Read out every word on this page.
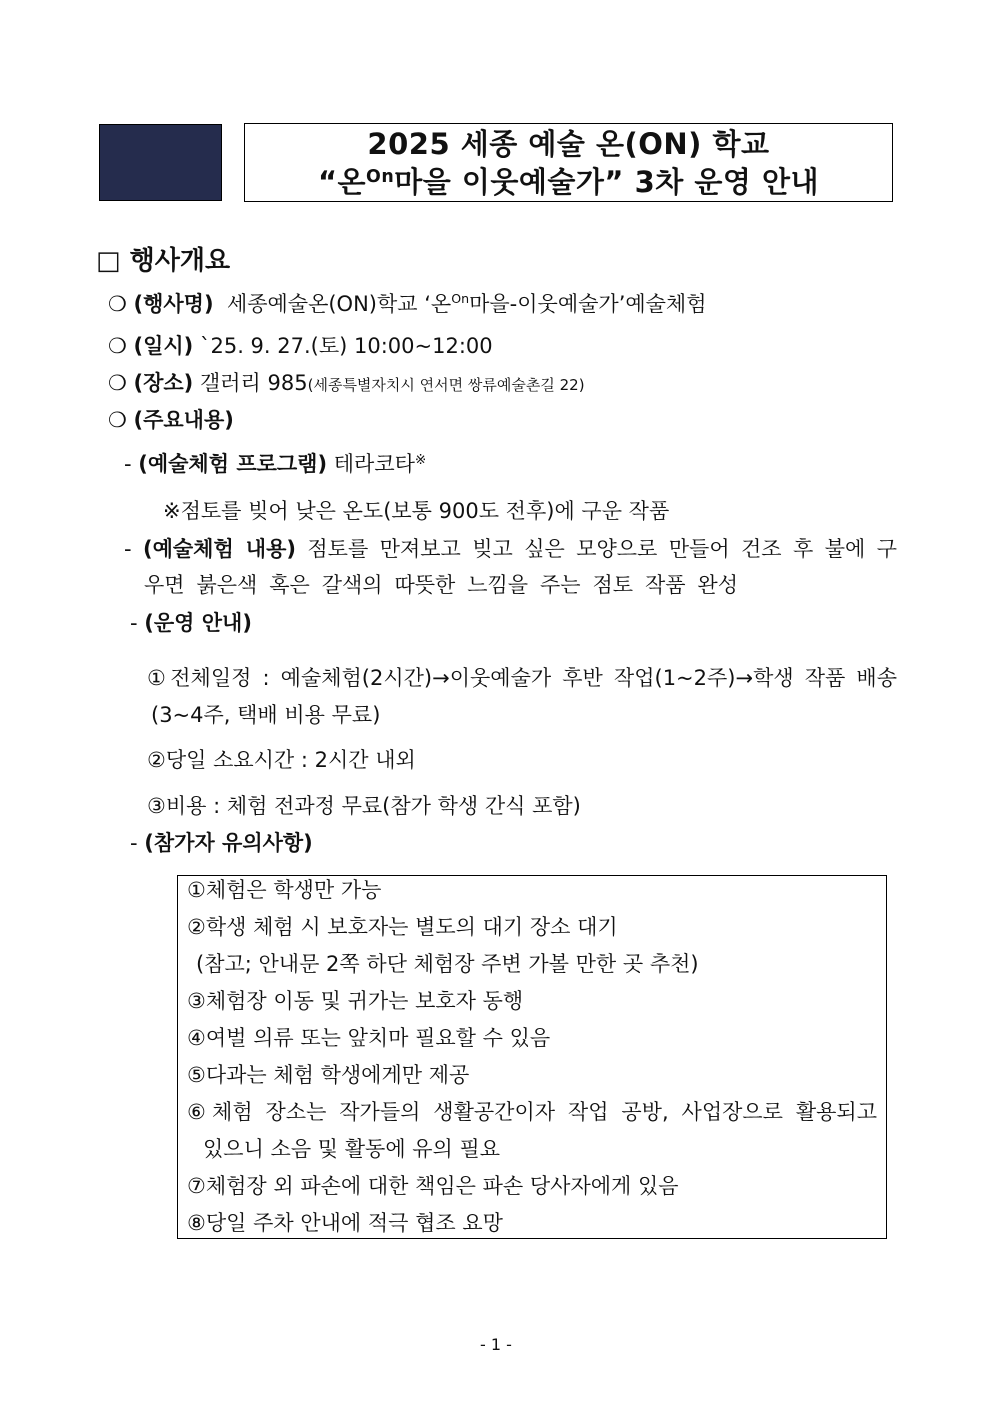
2025 세종 예술 온(ON) 학교
“온$^{On}$마을 이웃예술가” 3차 운영 안내
□ 행사개요
❍ (행사명) 세종예술온(ON)학교 ‘온$^{On}$마을-이웃예술가’예술체험
❍ (일시) `25. 9. 27.(토) 10:00~12:00
❍ (장소) 갤러리 985(세종특별자치시 연서면 쌍류예술촌길 22)
❍ (주요내용)
- (예술체험 프로그램) 테라코타※
※점토를 빚어 낮은 온도(보통 900도 전후)에 구운 작품
- (예술체험 내용) 점토를 만져보고 빚고 싶은 모양으로 만들어 건조 후 불에 구
우면 붉은색 혹은 갈색의 따뜻한 느낌을 주는 점토 작품 완성
- (운영 안내)
①전체일정 : 예술체험(2시간)→이웃예술가 후반 작업(1~2주)→학생 작품 배송
(3~4주, 택배 비용 무료)
②당일 소요시간 : 2시간 내외
③비용 : 체험 전과정 무료(참가 학생 간식 포함)
- (참가자 유의사항)
①체험은 학생만 가능
②학생 체험 시 보호자는 별도의 대기 장소 대기
(참고; 안내문 2쪽 하단 체험장 주변 가볼 만한 곳 추천)
③체험장 이동 및 귀가는 보호자 동행
④여벌 의류 또는 앞치마 필요할 수 있음
⑤다과는 체험 학생에게만 제공
⑥체험 장소는 작가들의 생활공간이자 작업 공방, 사업장으로 활용되고
있으니 소음 및 활동에 유의 필요
⑦체험장 외 파손에 대한 책임은 파손 당사자에게 있음
⑧당일 주차 안내에 적극 협조 요망
- 1 -
